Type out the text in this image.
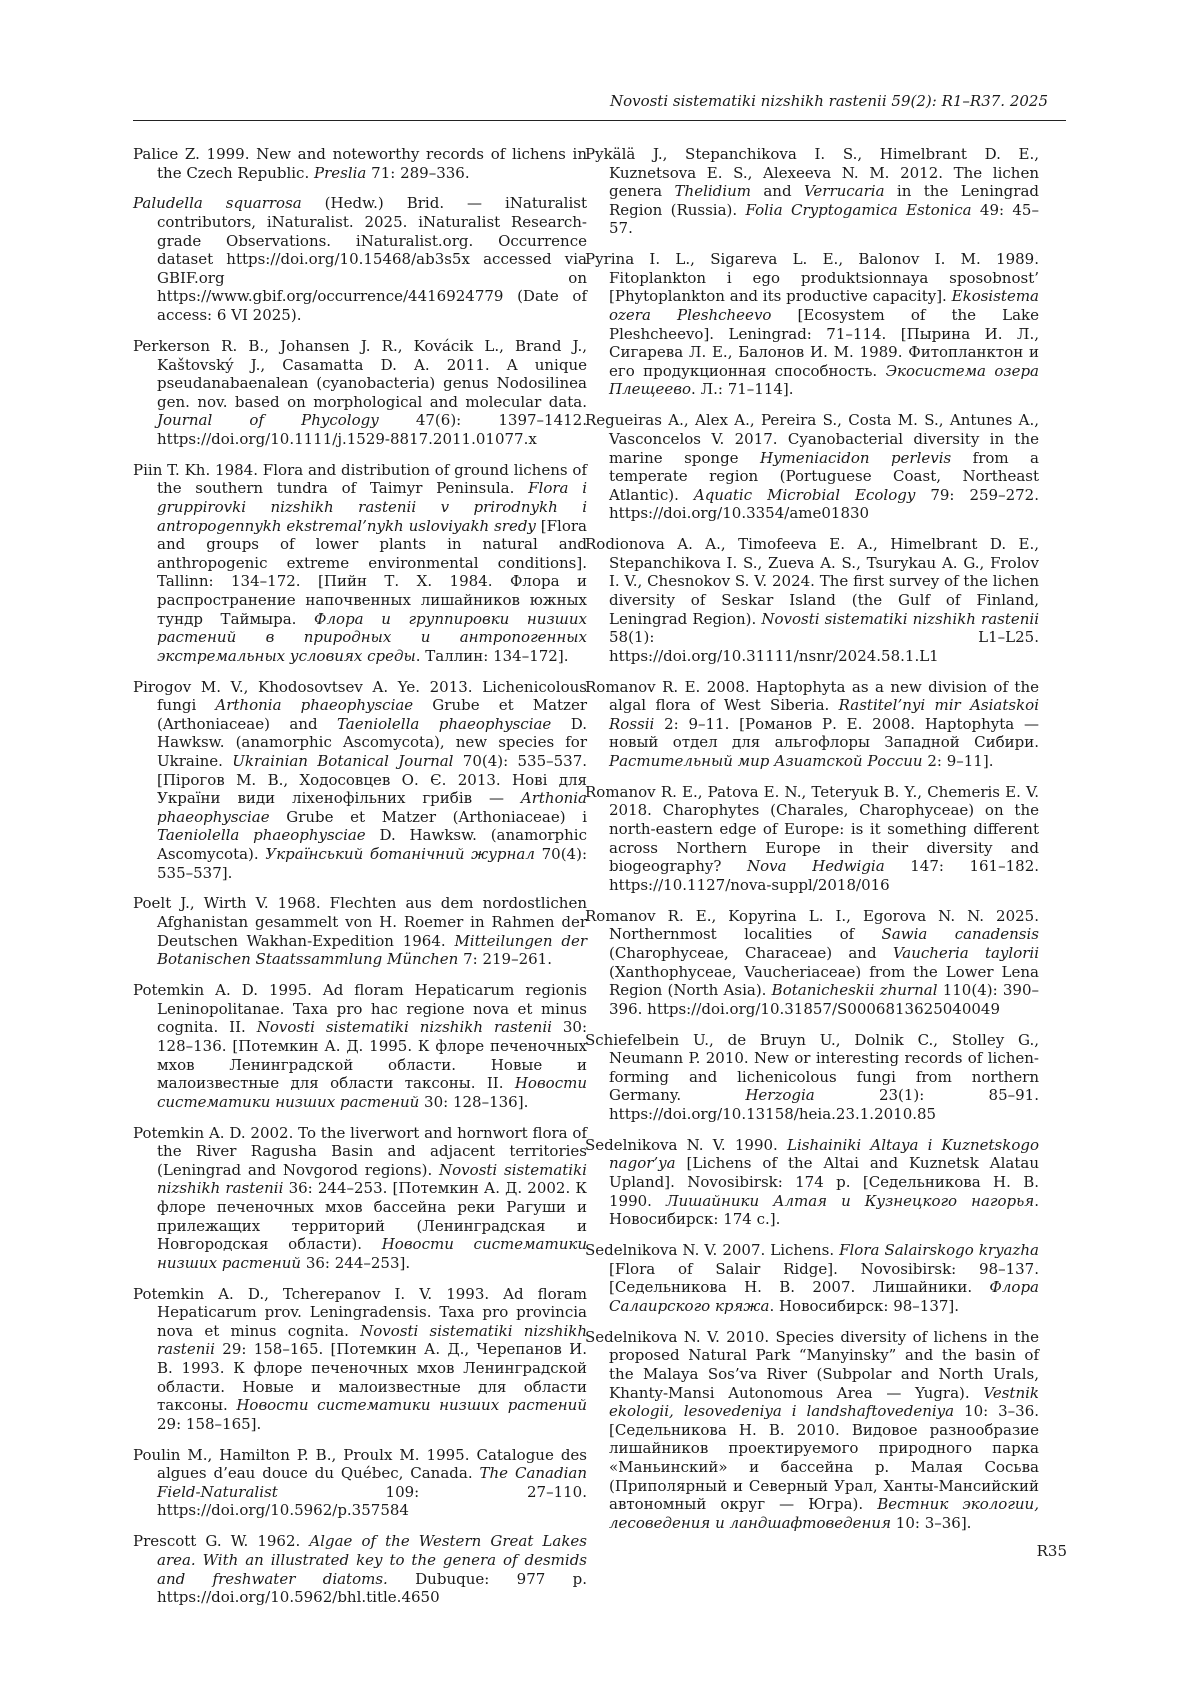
Novosti sistematiki nizshikh rastenii 59(2): R1–R37. 2025

Palice Z. 1999. New and noteworthy records of lichens in the Czech Republic. Preslia 71: 289–336.

Paludella squarrosa (Hedw.) Brid. — iNaturalist contributors, iNaturalist. 2025. iNaturalist Research-grade Observations. iNaturalist.org. Occurrence dataset https://doi.org/10.15468/ab3s5x accessed via GBIF.org on https://www.gbif.org/occurrence/4416924779 (Date of access: 6 VI 2025).

Perkerson R. B., Johansen J. R., Kovácik L., Brand J., Kaštovský J., Casamatta D. A. 2011. A unique pseudanabaenalean (cyanobacteria) genus Nodosilinea gen. nov. based on morphological and molecular data. Journal of Phycology 47(6): 1397–1412. https://doi.org/10.1111/j.1529-8817.2011.01077.x

Piin T. Kh. 1984. Flora and distribution of ground lichens of the southern tundra of Taimyr Peninsula. Flora i gruppirovki nizshikh rastenii v prirodnykh i antropogennykh ekstremal’nykh usloviyakh sredy [Flora and groups of lower plants in natural and anthropogenic extreme environmental conditions]. Tallinn: 134–172. [Пийн Т. Х. 1984. Флора и распространение напочвенных лишайников южных тундр Таймыра. Флора и группировки низших растений в природных и антропогенных экстремальных условиях среды. Таллин: 134–172].

Pirogov M. V., Khodosovtsev A. Ye. 2013. Lichenicolous fungi Arthonia phaeophysciae Grube et Matzer (Arthoniaceae) and Taeniolella phaeophysciae D. Hawksw. (anamorphic Ascomycota), new species for Ukraine. Ukrainian Botanical Journal 70(4): 535–537. [Пірогов М. В., Ходосовцев О. Є. 2013. Нові для України види ліхенофільних грибів — Arthonia phaeophysciae Grube et Matzer (Arthoniaceae) і Taeniolella phaeophysciae D. Hawksw. (anamorphic Ascomycota). Український ботанічний журнал 70(4): 535–537].

Poelt J., Wirth V. 1968. Flechten aus dem nordostlichen Afghanistan gesammelt von H. Roemer in Rahmen der Deutschen Wakhan-Expedition 1964. Mitteilungen der Botanischen Staatssammlung München 7: 219–261.

Potemkin A. D. 1995. Ad floram Hepaticarum regionis Leninopolitanae. Taxa pro hac regione nova et minus cognita. II. Novosti sistematiki nizshikh rastenii 30: 128–136. [Потемкин А. Д. 1995. К флоре печеночных мхов Ленинградской области. Новые и малоизвестные для области таксоны. II. Новости систематики низших растений 30: 128–136].

Potemkin A. D. 2002. To the liverwort and hornwort flora of the River Ragusha Basin and adjacent territories (Leningrad and Novgorod regions). Novosti sistematiki nizshikh rastenii 36: 244–253. [Потемкин А. Д. 2002. К флоре печеночных мхов бассейна реки Рагуши и прилежащих территорий (Ленинградская и Новгородская области). Новости систематики низших растений 36: 244–253].

Potemkin A. D., Tcherepanov I. V. 1993. Ad floram Hepaticarum prov. Leningradensis. Taxa pro provincia nova et minus cognita. Novosti sistematiki nizshikh rastenii 29: 158–165. [Потемкин А. Д., Черепанов И. В. 1993. К флоре печеночных мхов Ленинградской области. Новые и малоизвестные для области таксоны. Новости систематики низших растений 29: 158–165].

Poulin M., Hamilton P. B., Proulx M. 1995. Catalogue des algues d’eau douce du Québec, Canada. The Canadian Field-Naturalist 109: 27–110. https://doi.org/10.5962/p.357584

Prescott G. W. 1962. Algae of the Western Great Lakes area. With an illustrated key to the genera of desmids and freshwater diatoms. Dubuque: 977 p. https://doi.org/10.5962/bhl.title.4650

Pykälä J., Stepanchikova I. S., Himelbrant D. E., Kuznetsova E. S., Alexeeva N. M. 2012. The lichen genera Thelidium and Verrucaria in the Leningrad Region (Russia). Folia Cryptogamica Estonica 49: 45–57.

Pyrina I. L., Sigareva L. E., Balonov I. M. 1989. Fitoplankton i ego produktsionnaya sposobnost’ [Phytoplankton and its productive capacity]. Ekosistema ozera Pleshcheevo [Ecosystem of the Lake Pleshcheevo]. Leningrad: 71–114. [Пырина И. Л., Сигарева Л. Е., Балонов И. М. 1989. Фитопланктон и его продукционная способность. Экосистема озера Плещеево. Л.: 71–114].

Regueiras A., Alex A., Pereira S., Costa M. S., Antunes A., Vasconcelos V. 2017. Cyanobacterial diversity in the marine sponge Hymeniacidon perlevis from a temperate region (Portuguese Coast, Northeast Atlantic). Aquatic Microbial Ecology 79: 259–272. https://doi.org/10.3354/ame01830

Rodionova A. A., Timofeeva E. A., Himelbrant D. E., Stepanchikova I. S., Zueva A. S., Tsurykau A. G., Frolov I. V., Chesnokov S. V. 2024. The first survey of the lichen diversity of Seskar Island (the Gulf of Finland, Leningrad Region). Novosti sistematiki nizshikh rastenii 58(1): L1–L25. https://doi.org/10.31111/nsnr/2024.58.1.L1

Romanov R. E. 2008. Haptophyta as a new division of the algal flora of West Siberia. Rastitel’nyi mir Asiatskoi Rossii 2: 9–11. [Романов Р. Е. 2008. Haptophyta — новый отдел для альгофлоры Западной Сибири. Растительный мир Азиатской России 2: 9–11].

Romanov R. E., Patova E. N., Teteryuk B. Y., Chemeris E. V. 2018. Charophytes (Charales, Charophyceae) on the north-eastern edge of Europe: is it something different across Northern Europe in their diversity and biogeography? Nova Hedwigia 147: 161–182. https://10.1127/nova-suppl/2018/016

Romanov R. E., Kopyrina L. I., Egorova N. N. 2025. Northernmost localities of Sawia canadensis (Charophyceae, Characeae) and Vaucheria taylorii (Xanthophyceae, Vaucheriaceae) from the Lower Lena Region (North Asia). Botanicheskii zhurnal 110(4): 390–396. https://doi.org/10.31857/S0006813625040049

Schiefelbein U., de Bruyn U., Dolnik C., Stolley G., Neumann P. 2010. New or interesting records of lichen-forming and lichenicolous fungi from northern Germany. Herzogia 23(1): 85–91. https://doi.org/10.13158/heia.23.1.2010.85

Sedelnikova N. V. 1990. Lishainiki Altaya i Kuznetskogo nagor’ya [Lichens of the Altai and Kuznetsk Alatau Upland]. Novosibirsk: 174 p. [Седельникова Н. В. 1990. Лишайники Алтая и Кузнецкого нагорья. Новосибирск: 174 с.].

Sedelnikova N. V. 2007. Lichens. Flora Salairskogo kryazha [Flora of Salair Ridge]. Novosibirsk: 98–137. [Седельникова Н. В. 2007. Лишайники. Флора Салаирского кряжа. Новосибирск: 98–137].

Sedelnikova N. V. 2010. Species diversity of lichens in the proposed Natural Park “Manyinsky” and the basin of the Malaya Sos’va River (Subpolar and North Urals, Khanty-Mansi Autonomous Area — Yugra). Vestnik ekologii, lesovedeniya i landshaftovedeniya 10: 3–36. [Седельникова Н. В. 2010. Видовое разнообразие лишайников проектируемого природного парка «Маньинский» и бассейна р. Малая Сосьва (Приполярный и Северный Урал, Ханты-Мансийский автономный округ — Югра). Вестник экологии, лесоведения и ландшафтоведения 10: 3–36].

R35
